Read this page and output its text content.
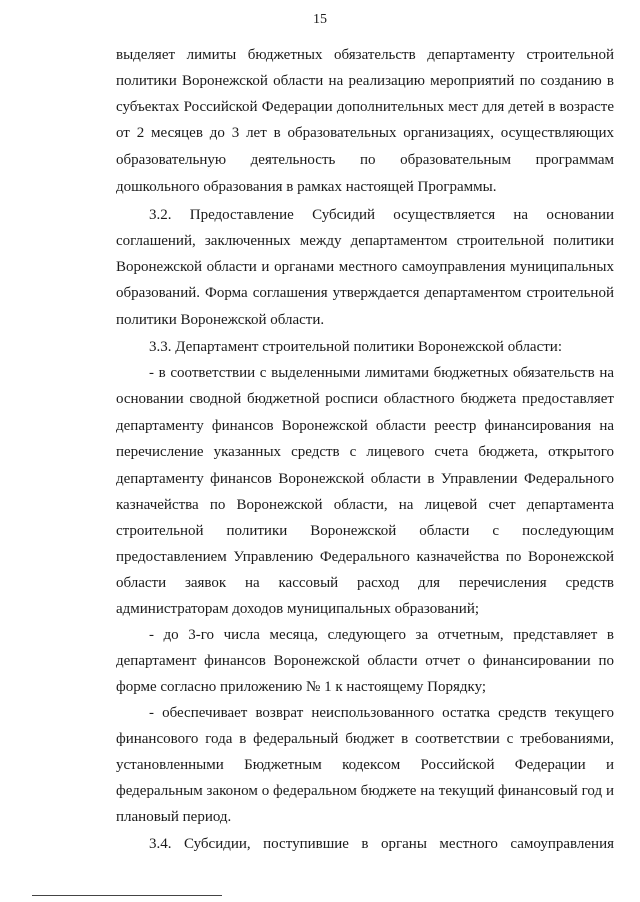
15
выделяет лимиты бюджетных обязательств департаменту строительной
политики Воронежской области на реализацию мероприятий по созданию в
субъектах Российской Федерации дополнительных мест для детей в возрасте
от 2 месяцев до 3 лет в образовательных организациях, осуществляющих
образовательную деятельность по образовательным программам
дошкольного образования в рамках настоящей Программы.
3.2. Предоставление Субсидий осуществляется на основании
соглашений, заключенных между департаментом строительной политики
Воронежской области и органами местного самоуправления муниципальных
образований. Форма соглашения утверждается департаментом строительной
политики Воронежской области.
3.3. Департамент строительной политики Воронежской области:
- в соответствии с выделенными лимитами бюджетных обязательств на
основании сводной бюджетной росписи областного бюджета предоставляет
департаменту финансов Воронежской области реестр финансирования на
перечисление указанных средств с лицевого счета бюджета, открытого
департаменту финансов Воронежской области в Управлении Федерального
казначейства по Воронежской области, на лицевой счет департамента
строительной политики Воронежской области с последующим
предоставлением Управлению Федерального казначейства по Воронежской
области заявок на кассовый расход для перечисления средств
администраторам доходов муниципальных образований;
- до 3-го числа месяца, следующего за отчетным, представляет в
департамент финансов Воронежской области отчет о финансировании по
форме согласно приложению № 1 к настоящему Порядку;
- обеспечивает возврат неиспользованного остатка средств текущего
финансового года в федеральный бюджет в соответствии с требованиями,
установленными Бюджетным кодексом Российской Федерации и
федеральным законом о федеральном бюджете на текущий финансовый год и
плановый период.
3.4. Субсидии, поступившие в органы местного самоуправления
